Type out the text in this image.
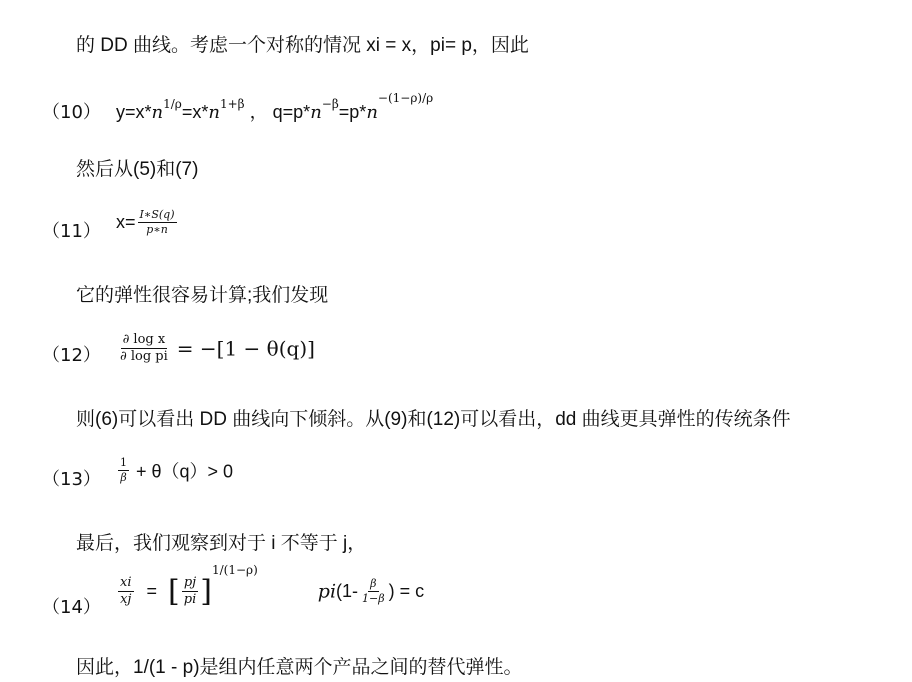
的 DD 曲线。考虑一个对称的情况 xi = x，pi= p，因此
（10） $y=x*n^{1/\rho}=x*n^{1+\beta}$ ， $q=p*n^{-\beta}=p*n^{-(1-\rho)/\rho}$
然后从(5)和(7)
（11） $x= \frac{I∗S(q)}{p∗n}$
它的弹性很容易计算;我们发现
$(12) \frac{\text{∂ log x}}{\text{∂ log pi}} = -[1 - \theta(q)]$
则(6)可以看出 DD 曲线向下倾斜。从(9)和(12)可以看出，dd 曲线更具弹性的传统条件
$(13) \frac{1}{\beta} + \theta(q)> 0$
最后，我们观察到对于 i 不等于 j，
$(14) \frac{xi}{xj}$ = [ $\frac{pj}{pi} ]^{1/(1-\rho)}$  $pi(1- \frac{\beta}{1-\beta}$ ) = c
因此，1/(1 - p)是组内任意两个产品之间的替代弹性。
